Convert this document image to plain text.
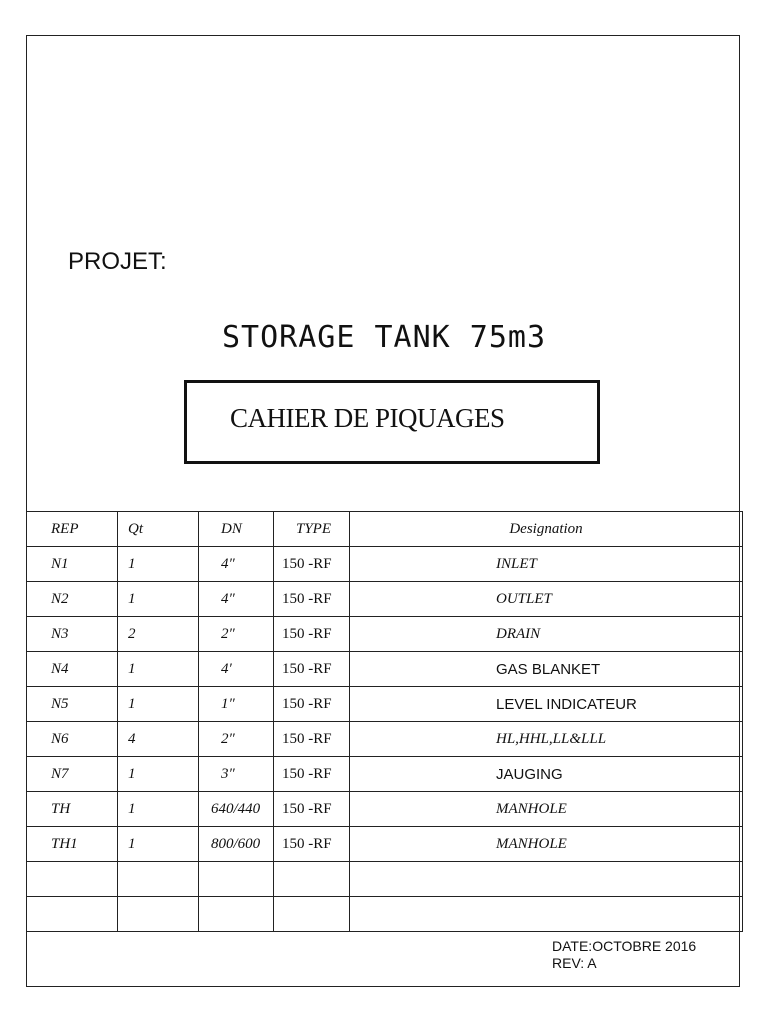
PROJET:
STORAGE TANK 75m3
CAHIER DE PIQUAGES
REP	Qt	DN	TYPE	Designation
N1	1	4″	150 -RF	INLET
N2	1	4″	150 -RF	OUTLET
N3	2	2″	150 -RF	DRAIN
N4	1	4′	150 -RF	GAS BLANKET
N5	1	1″	150 -RF	LEVEL INDICATEUR
N6	4	2″	150 -RF	HL,HHL,LL&LLL
N7	1	3″	150 -RF	JAUGING
TH	1	640/440	150 -RF	MANHOLE
TH1	1	800/600	150 -RF	MANHOLE

DATE:OCTOBRE 2016
REV: A
